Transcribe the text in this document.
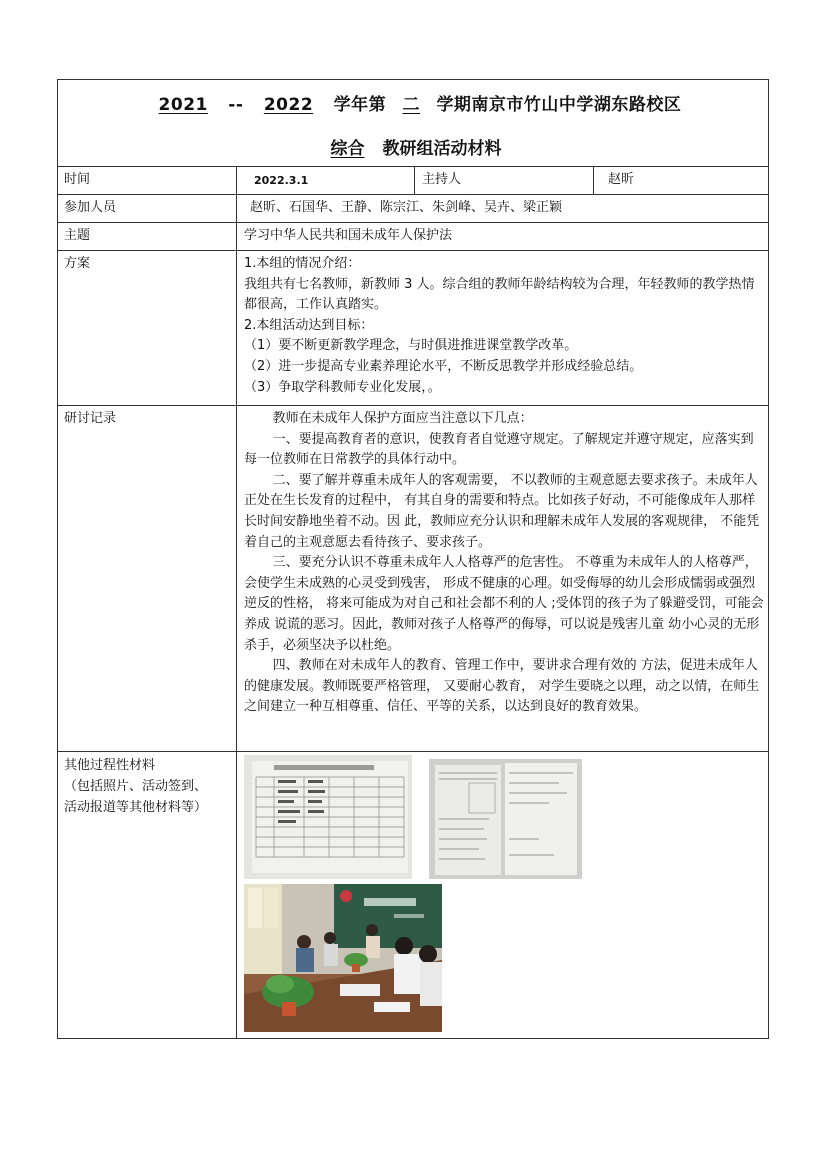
2021 -- 2022 学年第 二 学期南京市竹山中学湖东路校区
综合 教研组活动材料
时间	2022.3.1	主持人	赵昕
参加人员	赵昕、石国华、王静、陈宗江、朱剑峰、吴卉、梁正颖
主题	学习中华人民共和国未成年人保护法
方案	1.本组的情况介绍：

我组共有七名教师，新教师 3 人。综合组的教师年龄结构较为合理，年轻教师的教学热情都很高，工作认真踏实。

2.本组活动达到目标：

（1）要不断更新教学理念，与时俱进推进课堂教学改革。

（2）进一步提高专业素养理论水平，不断反思教学并形成经验总结。

（3）争取学科教师专业化发展，。

研讨记录	教师在未成年人保护方面应当注意以下几点：

一、要提高教育者的意识，使教育者自觉遵守规定。了解规定并遵守规定，应落实到每一位教师在日常教学的具体行动中。

二、要了解并尊重未成年人的客观需要， 不以教师的主观意愿去要求孩子。未成年人正处在生长发育的过程中， 有其自身的需要和特点。比如孩子好动，不可能像成年人那样长时间安静地坐着不动。因 此，教师应充分认识和理解未成年人发展的客观规律， 不能凭着自己的主观意愿去看待孩子、要求孩子。

三、要充分认识不尊重未成年人人格尊严的危害性。 不尊重为未成年人的人格尊严， 会使学生未成熟的心灵受到残害， 形成不健康的心理。如受侮辱的幼儿会形成懦弱或强烈逆反的性格， 将来可能成为对自己和社会都不利的人 ;受体罚的孩子为了躲避受罚，可能会养成 说谎的恶习。因此，教师对孩子人格尊严的侮辱，可以说是残害儿童 幼小心灵的无形杀手，必须坚决予以杜绝。

四、教师在对未成年人的教育、管理工作中，要讲求合理有效的 方法，促进未成年人的健康发展。教师既要严格管理， 又要耐心教育， 对学生要晓之以理，动之以情，在师生之间建立一种互相尊重、信任、平等的关系，以达到良好的教育效果。

其他过程性材料
（包括照片、活动签到、
活动报道等其他材料等）
